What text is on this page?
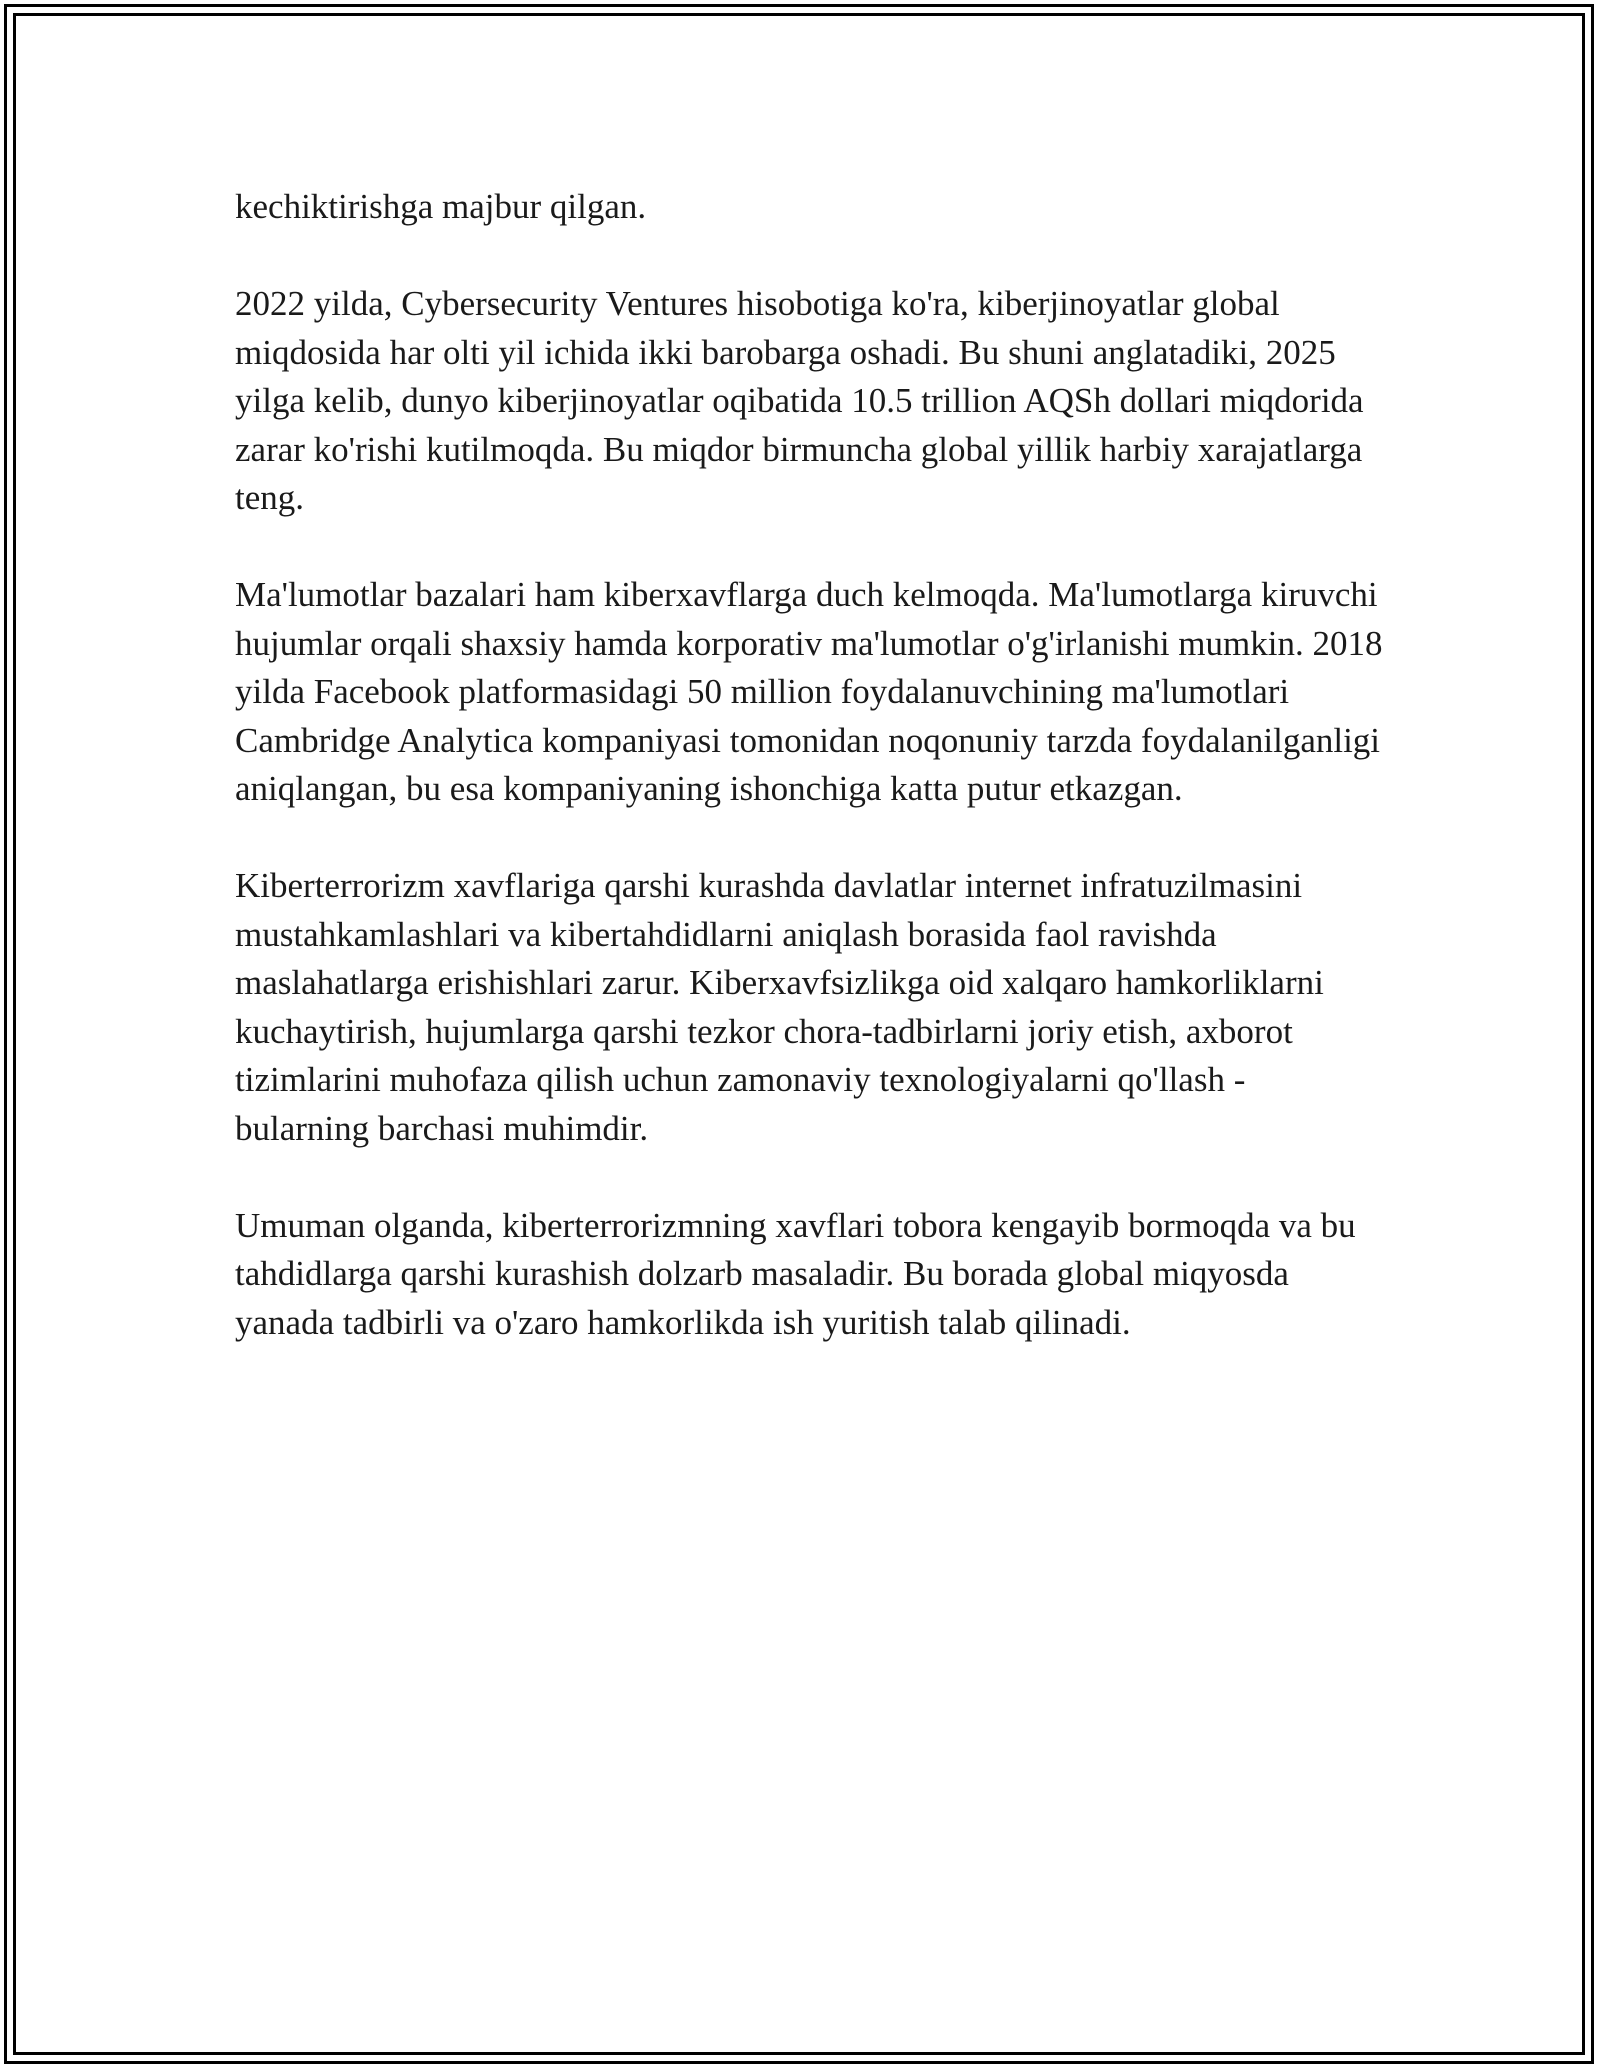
kechiktirishga majbur qilgan.

2022 yilda, Cybersecurity Ventures hisobotiga ko'ra, kiberjinoyatlar global miqdosida har olti yil ichida ikki barobarga oshadi. Bu shuni anglatadiki, 2025 yilga kelib, dunyo kiberjinoyatlar oqibatida 10.5 trillion AQSh dollari miqdorida zarar ko'rishi kutilmoqda. Bu miqdor birmuncha global yillik harbiy xarajatlarga teng.

Ma'lumotlar bazalari ham kiberxavflarga duch kelmoqda. Ma'lumotlarga kiruvchi hujumlar orqali shaxsiy hamda korporativ ma'lumotlar o'g'irlanishi mumkin. 2018 yilda Facebook platformasidagi 50 million foydalanuvchining ma'lumotlari Cambridge Analytica kompaniyasi tomonidan noqonuniy tarzda foydalanilganligi aniqlangan, bu esa kompaniyaning ishonchiga katta putur etkazgan.

Kiberterrorizm xavflariga qarshi kurashda davlatlar internet infratuzilmasini mustahkamlashlari va kibertahdidlarni aniqlash borasida faol ravishda maslahatlarga erishishlari zarur. Kiberxavfsizlikga oid xalqaro hamkorliklarni kuchaytirish, hujumlarga qarshi tezkor chora-tadbirlarni joriy etish, axborot tizimlarini muhofaza qilish uchun zamonaviy texnologiyalarni qo'llash - bularning barchasi muhimdir.

Umuman olganda, kiberterrorizmning xavflari tobora kengayib bormoqda va bu tahdidlarga qarshi kurashish dolzarb masaladir. Bu borada global miqyosda yanada tadbirli va o'zaro hamkorlikda ish yuritish talab qilinadi.
